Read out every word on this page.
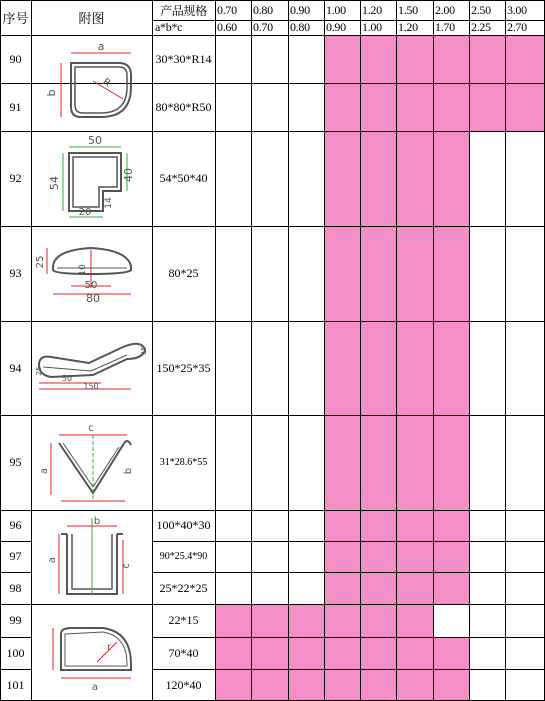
序号	附图
产品规格
a*b*c
0.70	0.80	0.90	1.00	1.20	1.50	2.00	2.50	3.00
0.60	0.70	0.80	0.90	1.00	1.20	1.70	2.25	2.70
90	30*30*R14
91	80*80*R50
92	54*50*40
93	80*25
94	150*25*35
95	31*28.6*55
96	100*40*30
97	90*25.4*90
98	25*22*25
99	22*15
100	70*40
101	120*40
a
b
R
50
54
40
20
14
25
10
50
80
25
50
150
35
c
a	b
b
a
c
r
a
